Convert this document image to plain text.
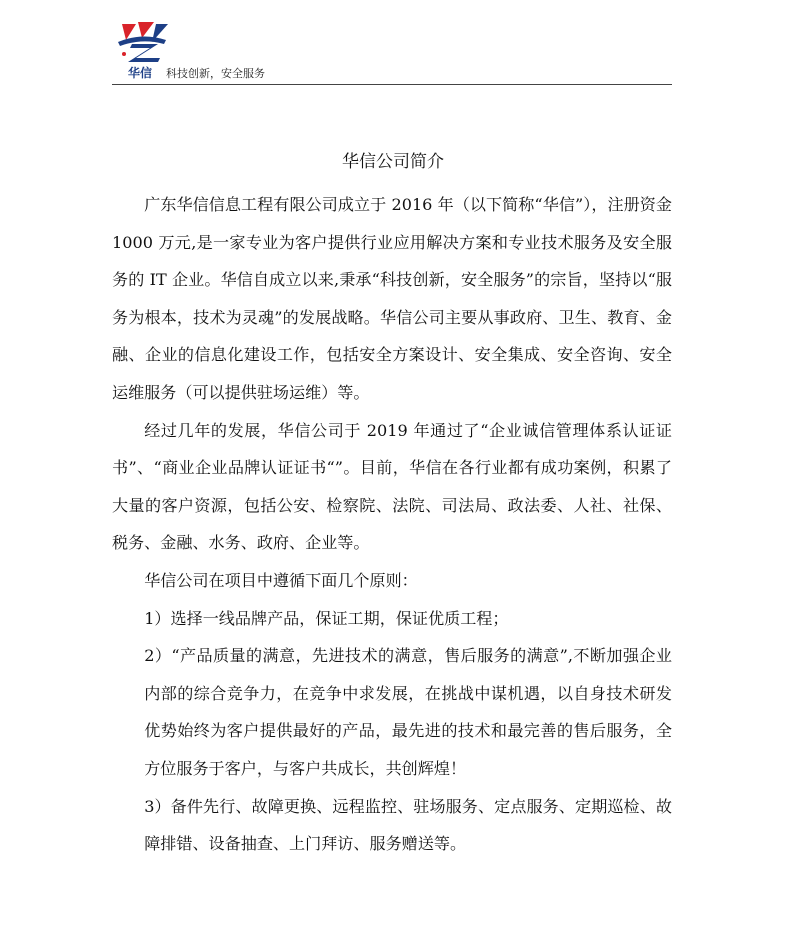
华信 科技创新，安全服务
华信公司简介

广东华信信息工程有限公司成立于 2016 年（以下简称“华信”），注册资金 1000 万元,是一家专业为客户提供行业应用解决方案和专业技术服务及安全服务的 IT 企业。华信自成立以来,秉承“科技创新，安全服务”的宗旨，坚持以“服务为根本，技术为灵魂”的发展战略。华信公司主要从事政府、卫生、教育、金融、企业的信息化建设工作，包括安全方案设计、安全集成、安全咨询、安全运维服务（可以提供驻场运维）等。

经过几年的发展，华信公司于 2019 年通过了“企业诚信管理体系认证证书”、“商业企业品牌认证证书“”。目前，华信在各行业都有成功案例，积累了大量的客户资源，包括公安、检察院、法院、司法局、政法委、人社、社保、税务、金融、水务、政府、企业等。

华信公司在项目中遵循下面几个原则：

1）选择一线品牌产品，保证工期，保证优质工程；

2）“产品质量的满意，先进技术的满意，售后服务的满意”,不断加强企业内部的综合竞争力，在竞争中求发展，在挑战中谋机遇，以自身技术研发优势始终为客户提供最好的产品，最先进的技术和最完善的售后服务，全方位服务于客户，与客户共成长，共创辉煌！

3）备件先行、故障更换、远程监控、驻场服务、定点服务、定期巡检、故障排错、设备抽查、上门拜访、服务赠送等。
